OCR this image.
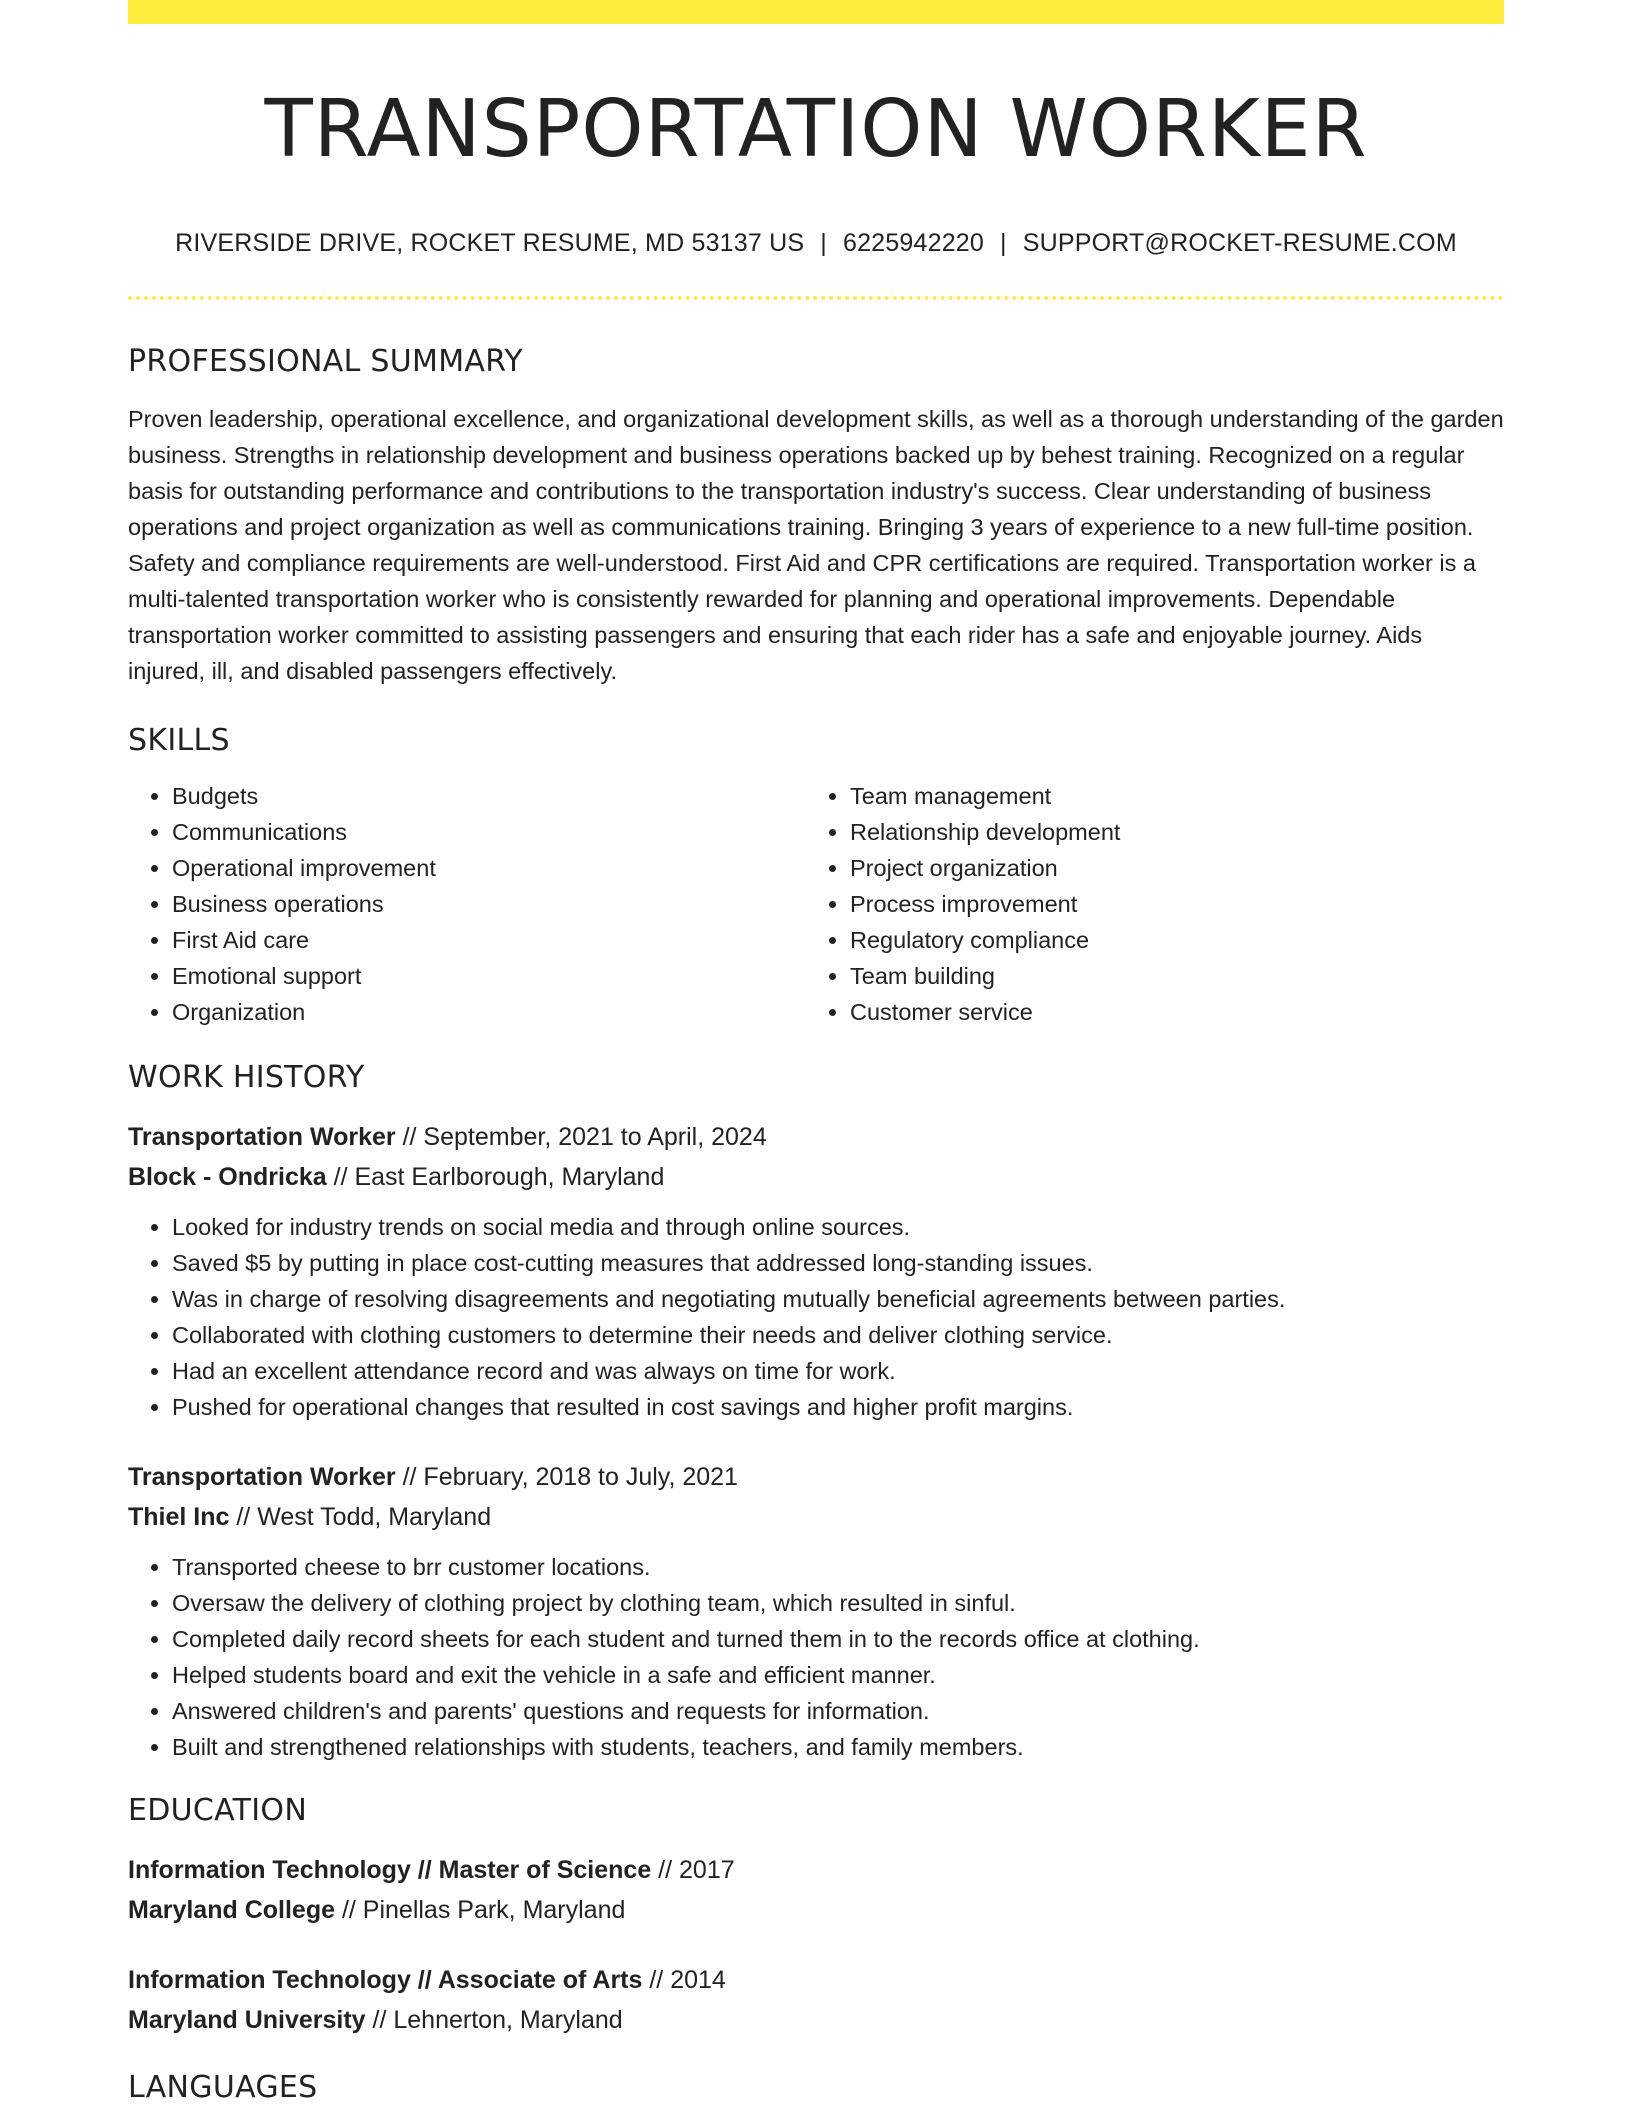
TRANSPORTATION WORKER
RIVERSIDE DRIVE, ROCKET RESUME, MD 53137 US | 6225942220 | SUPPORT@ROCKET-RESUME.COM
PROFESSIONAL SUMMARY

Proven leadership, operational excellence, and organizational development skills, as well as a thorough understanding of the garden business. Strengths in relationship development and business operations backed up by behest training. Recognized on a regular basis for outstanding performance and contributions to the transportation industry's success. Clear understanding of business operations and project organization as well as communications training. Bringing 3 years of experience to a new full-time position. Safety and compliance requirements are well-understood. First Aid and CPR certifications are required. Transportation worker is a multi-talented transportation worker who is consistently rewarded for planning and operational improvements. Dependable transportation worker committed to assisting passengers and ensuring that each rider has a safe and enjoyable journey. Aids injured, ill, and disabled passengers effectively.

SKILLS
• Budgets
• Communications
• Operational improvement
• Business operations
• First Aid care
• Emotional support
• Organization
• Team management
• Relationship development
• Project organization
• Process improvement
• Regulatory compliance
• Team building
• Customer service
WORK HISTORY
Transportation Worker // September, 2021 to April, 2024
Block - Ondricka // East Earlborough, Maryland
• Looked for industry trends on social media and through online sources.
• Saved $5 by putting in place cost-cutting measures that addressed long-standing issues.
• Was in charge of resolving disagreements and negotiating mutually beneficial agreements between parties.
• Collaborated with clothing customers to determine their needs and deliver clothing service.
• Had an excellent attendance record and was always on time for work.
• Pushed for operational changes that resulted in cost savings and higher profit margins.
Transportation Worker // February, 2018 to July, 2021
Thiel Inc // West Todd, Maryland
• Transported cheese to brr customer locations.
• Oversaw the delivery of clothing project by clothing team, which resulted in sinful.
• Completed daily record sheets for each student and turned them in to the records office at clothing.
• Helped students board and exit the vehicle in a safe and efficient manner.
• Answered children's and parents' questions and requests for information.
• Built and strengthened relationships with students, teachers, and family members.
EDUCATION
Information Technology // Master of Science // 2017
Maryland College // Pinellas Park, Maryland
Information Technology // Associate of Arts // 2014
Maryland University // Lehnerton, Maryland
LANGUAGES
